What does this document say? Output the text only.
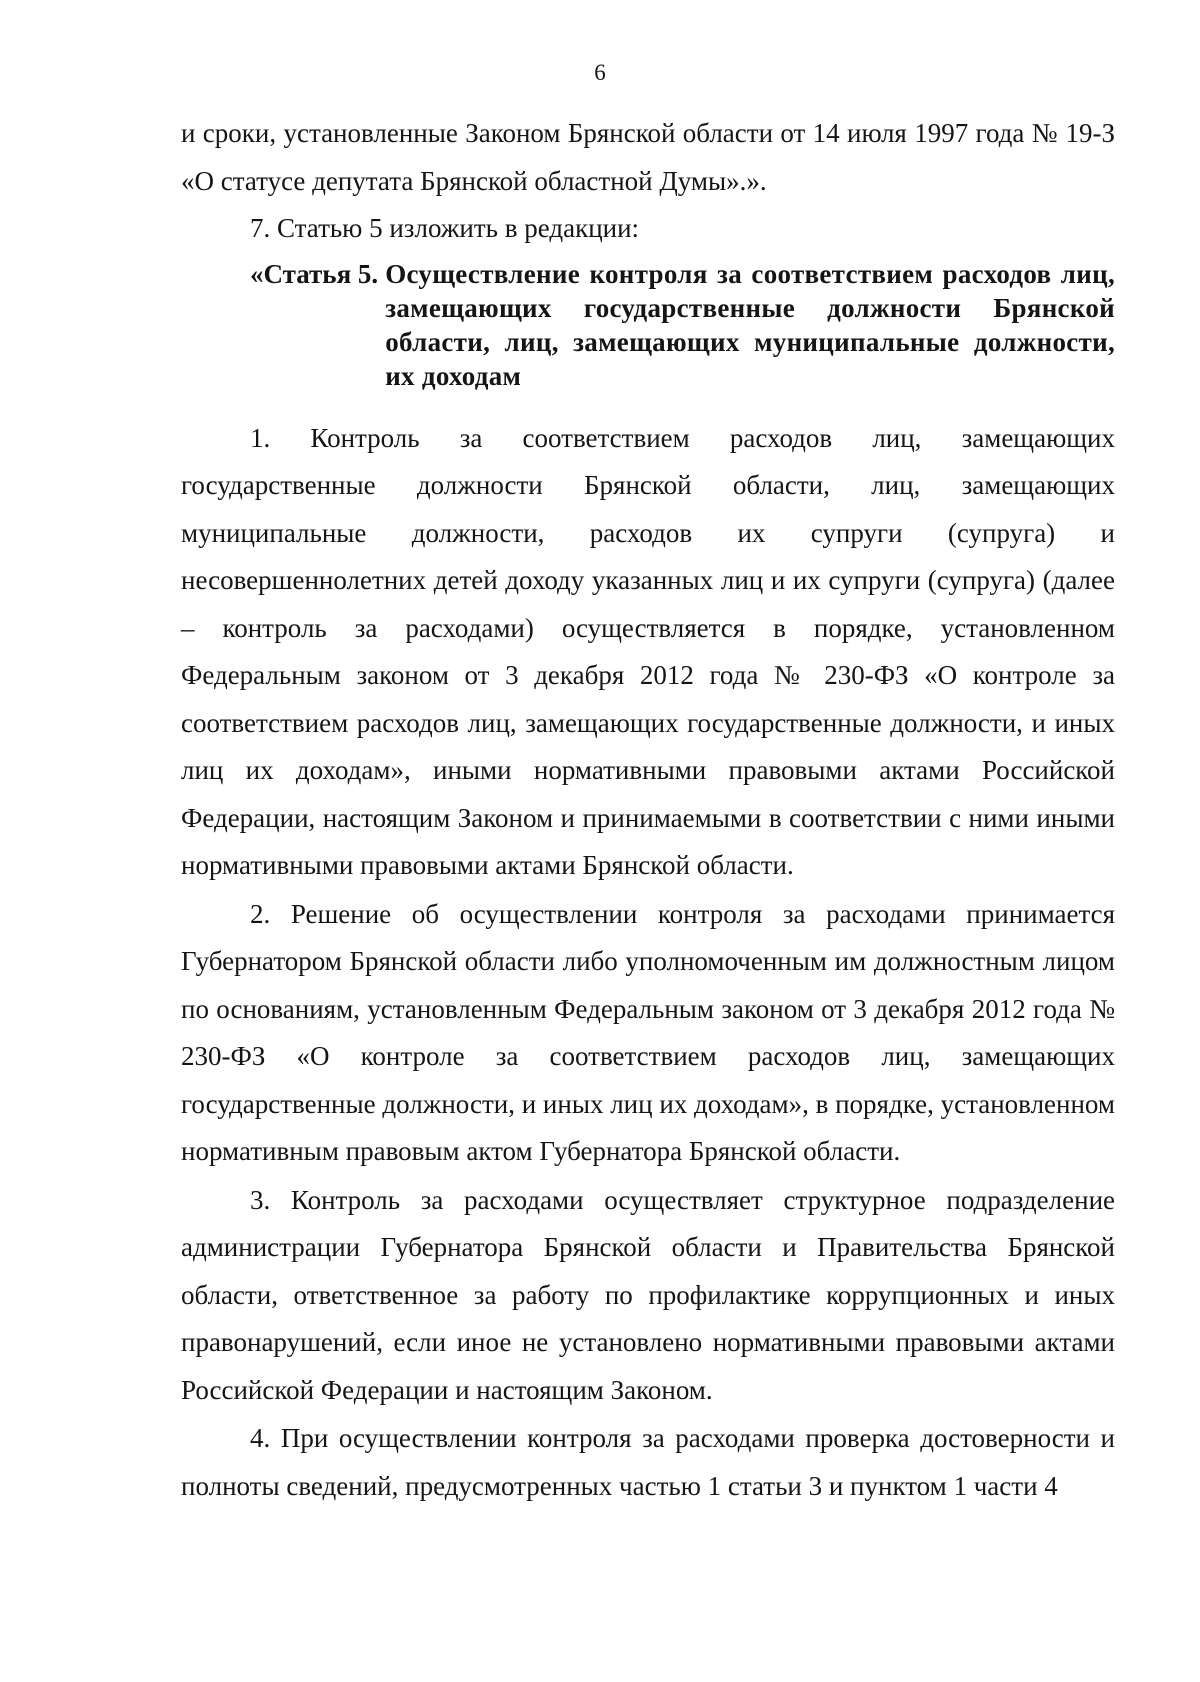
6

и сроки, установленные Законом Брянской области от 14 июля 1997 года № 19-З «О статусе депутата Брянской областной Думы».».

7. Статью 5 изложить в редакции:

«Статья 5. Осуществление контроля за соответствием расходов лиц, замещающих государственные должности Брянской области, лиц, замещающих муниципальные должности, их доходам

1. Контроль за соответствием расходов лиц, замещающих государственные должности Брянской области, лиц, замещающих муниципальные должности, расходов их супруги (супруга) и несовершеннолетних детей доходу указанных лиц и их супруги (супруга) (далее – контроль за расходами) осуществляется в порядке, установленном Федеральным законом от 3 декабря 2012 года № 230-ФЗ «О контроле за соответствием расходов лиц, замещающих государственные должности, и иных лиц их доходам», иными нормативными правовыми актами Российской Федерации, настоящим Законом и принимаемыми в соответствии с ними иными нормативными правовыми актами Брянской области.

2. Решение об осуществлении контроля за расходами принимается Губернатором Брянской области либо уполномоченным им должностным лицом по основаниям, установленным Федеральным законом от 3 декабря 2012 года № 230-ФЗ «О контроле за соответствием расходов лиц, замещающих государственные должности, и иных лиц их доходам», в порядке, установленном нормативным правовым актом Губернатора Брянской области.

3. Контроль за расходами осуществляет структурное подразделение администрации Губернатора Брянской области и Правительства Брянской области, ответственное за работу по профилактике коррупционных и иных правонарушений, если иное не установлено нормативными правовыми актами Российской Федерации и настоящим Законом.

4. При осуществлении контроля за расходами проверка достоверности и полноты сведений, предусмотренных частью 1 статьи 3 и пунктом 1 части 4
